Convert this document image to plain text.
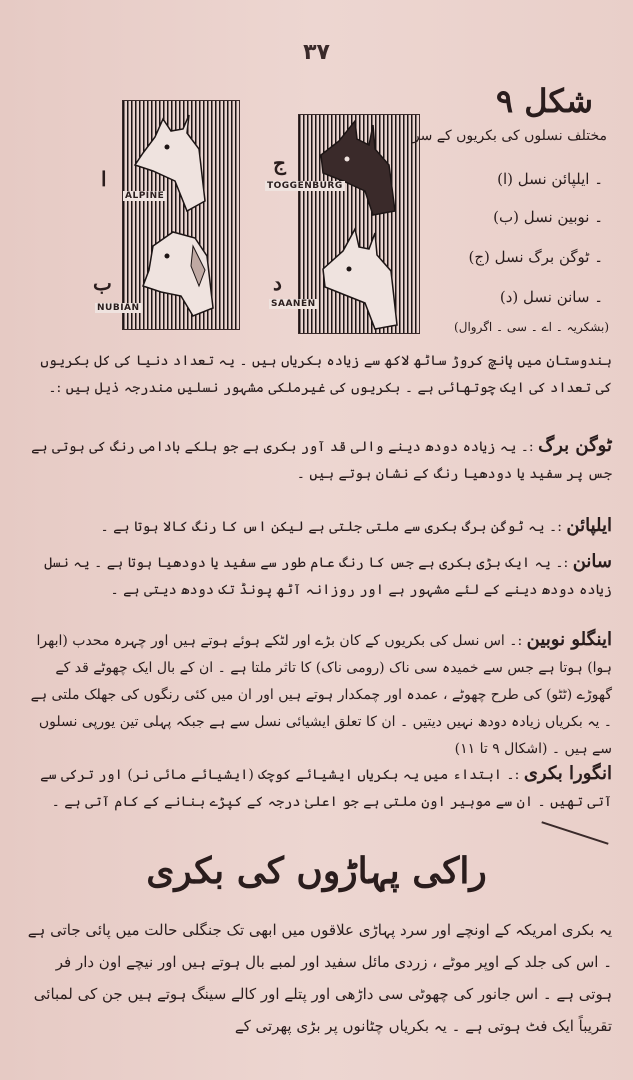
۳۷
ALPINE
ا
NUBIAN
ب
TOGGENBURG
ج
SAANEN
د
شکل ۹
مختلف نسلوں کی بکریوں کے سر
(ا) ۔ ایلپائن نسل
(ب) ۔ نوبین نسل
(ج) ۔ ٹوگن برگ نسل
(د) ۔ سانن نسل
(بشکریہ ۔ اے ۔ سی ۔ اگروال)
ہندوستان میں پانچ کروڑ ساٹھ لاکھ سے زیادہ بکریاں ہیں ۔ یہ تعداد دنیا کی کل بکریوں کی تعداد کی ایک چوتھائی ہے ۔ بکریوں کی غیرملکی مشہور نسلیں مندرجہ ذیل ہیں :۔
ٹوگن برگ :۔ یہ زیادہ دودھ دینے والی قد آور بکری ہے جو ہلکے بادامی رنگ کی ہوتی ہے جس پر سفید یا دودھیا رنگ کے نشان ہوتے ہیں ۔
ایلپائن :۔ یہ ٹوگن برگ بکری سے ملتی جلتی ہے لیکن اس کا رنگ کالا ہوتا ہے ۔
سانن :۔ یہ ایک بڑی بکری ہے جس کا رنگ عام طور سے سفید یا دودھیا ہوتا ہے ۔ یہ نسل زیادہ دودھ دینے کے لئے مشہور ہے اور روزانہ آٹھ پونڈ تک دودھ دیتی ہے ۔
اینگلو نوبین :۔ اس نسل کی بکریوں کے کان بڑے اور لٹکے ہوئے ہوتے ہیں اور چہرہ محدب (ابھرا ہوا) ہوتا ہے جس سے خمیدہ سی ناک (رومی ناک) کا تاثر ملتا ہے ۔ ان کے بال ایک چھوٹے قد کے گھوڑے (ٹٹو) کی طرح چھوٹے ، عمدہ اور چمکدار ہوتے ہیں اور ان میں کئی رنگوں کی جھلک ملتی ہے ۔ یہ بکریاں زیادہ دودھ نہیں دیتیں ۔ ان کا تعلق ایشیائی نسل سے ہے جبکہ پہلی تین یورپی نسلوں سے ہیں ۔ (اشکال ۹ تا ۱۱)
انگورا بکری :۔ ابتداء میں یہ بکریاں ایشیائے کوچک (ایشیائے مائی نر) اور ترکی سے آتی تھیں ۔ ان سے موہیر اون ملتی ہے جو اعلیٰ درجہ کے کپڑے بنانے کے کام آتی ہے ۔
راکی پہاڑوں کی بکری
یہ بکری امریکہ کے اونچے اور سرد پہاڑی علاقوں میں ابھی تک جنگلی حالت میں پائی جاتی ہے ۔ اس کی جلد کے اوپر موٹے ، زردی مائل سفید اور لمبے بال ہوتے ہیں اور نیچے اون دار فر ہوتی ہے ۔ اس جانور کی چھوٹی سی داڑھی اور پتلے اور کالے سینگ ہوتے ہیں جن کی لمبائی تقریباً ایک فٹ ہوتی ہے ۔ یہ بکریاں چٹانوں پر بڑی پھرتی کے
